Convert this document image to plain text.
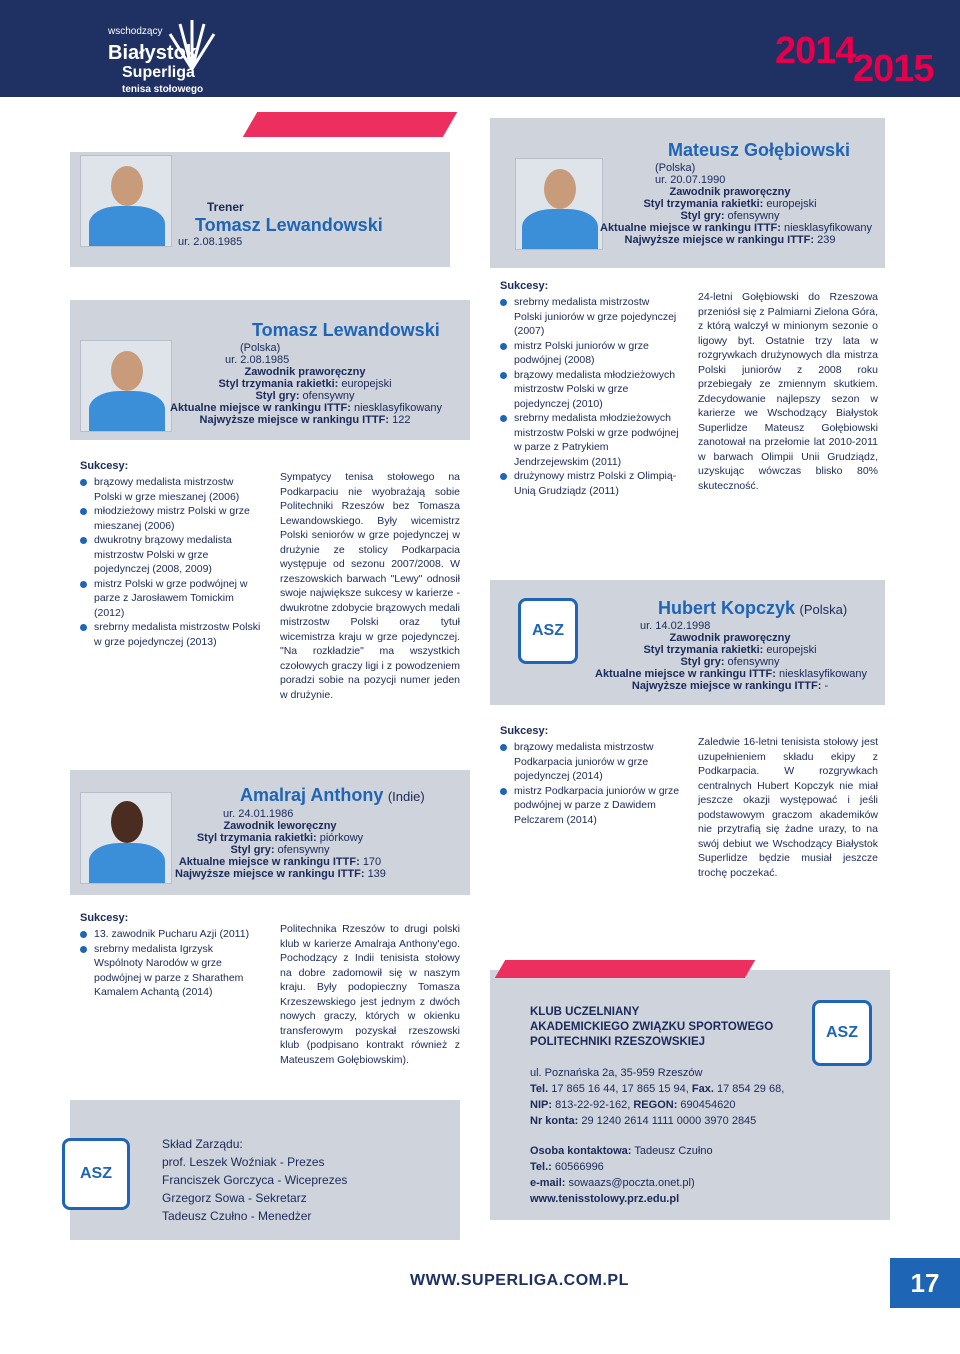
wschodzący
Białystok
Superliga
tenisa stołowego
2014
2015
Trener
Tomasz Lewandowski
ur. 2.08.1985
Mateusz Gołębiowski
(Polska)
ur. 20.07.1990
Zawodnik praworęczny
Styl trzymania rakietki: europejski
Styl gry: ofensywny
Aktualne miejsce w rankingu ITTF: niesklasyfikowany
Najwyższe miejsce w rankingu ITTF: 239
Sukcesy:
srebrny medalista mistrzostw Polski juniorów w grze pojedynczej (2007)
mistrz Polski juniorów w grze podwójnej (2008)
brązowy medalista młodzieżowych mistrzostw Polski w grze pojedynczej (2010)
srebrny medalista młodzieżowych mistrzostw Polski w grze podwójnej w parze z Patrykiem Jendrzejewskim (2011)
drużynowy mistrz Polski z Olimpią-Unią Grudziądz (2011)
24-letni Gołębiowski do Rzeszowa przeniósł się z Palmiarni Zielona Góra, z którą walczył w minionym sezonie o ligowy byt. Ostatnie trzy lata w rozgrywkach drużynowych dla mistrza Polski juniorów z 2008 roku przebiegały ze zmiennym skutkiem. Zdecydowanie najlepszy sezon w karierze we Wschodzący Białystok Superlidze Mateusz Gołębiowski zanotował na przełomie lat 2010-2011 w barwach Olimpii Unii Grudziądz, uzyskując wówczas blisko 80% skuteczność.
Tomasz Lewandowski
(Polska)
ur. 2.08.1985
Zawodnik praworęczny
Styl trzymania rakietki: europejski
Styl gry: ofensywny
Aktualne miejsce w rankingu ITTF: niesklasyfikowany
Najwyższe miejsce w rankingu ITTF: 122
Sukcesy:
brązowy medalista mistrzostw Polski w grze mieszanej (2006)
młodzieżowy mistrz Polski w grze mieszanej (2006)
dwukrotny brązowy medalista mistrzostw Polski w grze pojedynczej (2008, 2009)
mistrz Polski w grze podwójnej w parze z Jarosławem Tomickim (2012)
srebrny medalista mistrzostw Polski w grze pojedynczej (2013)
Sympatycy tenisa stołowego na Podkarpaciu nie wyobrażają sobie Politechniki Rzeszów bez Tomasza Lewandowskiego. Były wicemistrz Polski seniorów w grze pojedynczej w drużynie ze stolicy Podkarpacia występuje od sezonu 2007/2008. W rzeszowskich barwach "Lewy" odnosił swoje największe sukcesy w karierze - dwukrotne zdobycie brązowych medali mistrzostw Polski oraz tytuł wicemistrza kraju w grze pojedynczej. "Na rozkładzie" ma wszystkich czołowych graczy ligi i z powodzeniem poradzi sobie na pozycji numer jeden w drużynie.
ASZ
Hubert Kopczyk (Polska)
ur. 14.02.1998
Zawodnik praworęczny
Styl trzymania rakietki: europejski
Styl gry: ofensywny
Aktualne miejsce w rankingu ITTF: niesklasyfikowany
Najwyższe miejsce w rankingu ITTF: -
Sukcesy:
brązowy medalista mistrzostw Podkarpacia juniorów w grze pojedynczej (2014)
mistrz Podkarpacia juniorów w grze podwójnej w parze z Dawidem Pelczarem (2014)
Zaledwie 16-letni tenisista stołowy jest uzupełnieniem składu ekipy z Podkarpacia. W rozgrywkach centralnych Hubert Kopczyk nie miał jeszcze okazji występować i jeśli podstawowym graczom akademików nie przytrafią się żadne urazy, to na swój debiut we Wschodzący Białystok Superlidze będzie musiał jeszcze trochę poczekać.
Amalraj Anthony (Indie)
ur. 24.01.1986
Zawodnik leworęczny
Styl trzymania rakietki: piórkowy
Styl gry: ofensywny
Aktualne miejsce w rankingu ITTF: 170
Najwyższe miejsce w rankingu ITTF: 139
Sukcesy:
13. zawodnik Pucharu Azji (2011)
srebrny medalista Igrzysk Wspólnoty Narodów w grze podwójnej w parze z Sharathem Kamalem Achantą (2014)
Politechnika Rzeszów to drugi polski klub w karierze Amalraja Anthony'ego. Pochodzący z Indii tenisista stołowy na dobre zadomowił się w naszym kraju. Były podopieczny Tomasza Krzeszewskiego jest jednym z dwóch nowych graczy, których w okienku transferowym pozyskał rzeszowski klub (podpisano kontrakt również z Mateuszem Gołębiowskim).
KLUB UCZELNIANY
AKADEMICKIEGO ZWIĄZKU SPORTOWEGO
POLITECHNIKI RZESZOWSKIEJ
ASZ
ul. Poznańska 2a, 35-959 Rzeszów
Tel. 17 865 16 44, 17 865 15 94, Fax. 17 854 29 68,
NIP: 813-22-92-162, REGON: 690454620
Nr konta: 29 1240 2614 1111 0000 3970 2845
Osoba kontaktowa: Tadeusz Czułno
Tel.: 60566996
e-mail: sowaazs@poczta.onet.pl)
www.tenisstolowy.prz.edu.pl
ASZ
Skład Zarządu:
prof. Leszek Woźniak - Prezes
Franciszek Gorczyca - Wiceprezes
Grzegorz Sowa - Sekretarz
Tadeusz Czułno - Menedżer
WWW.SUPERLIGA.COM.PL	17
